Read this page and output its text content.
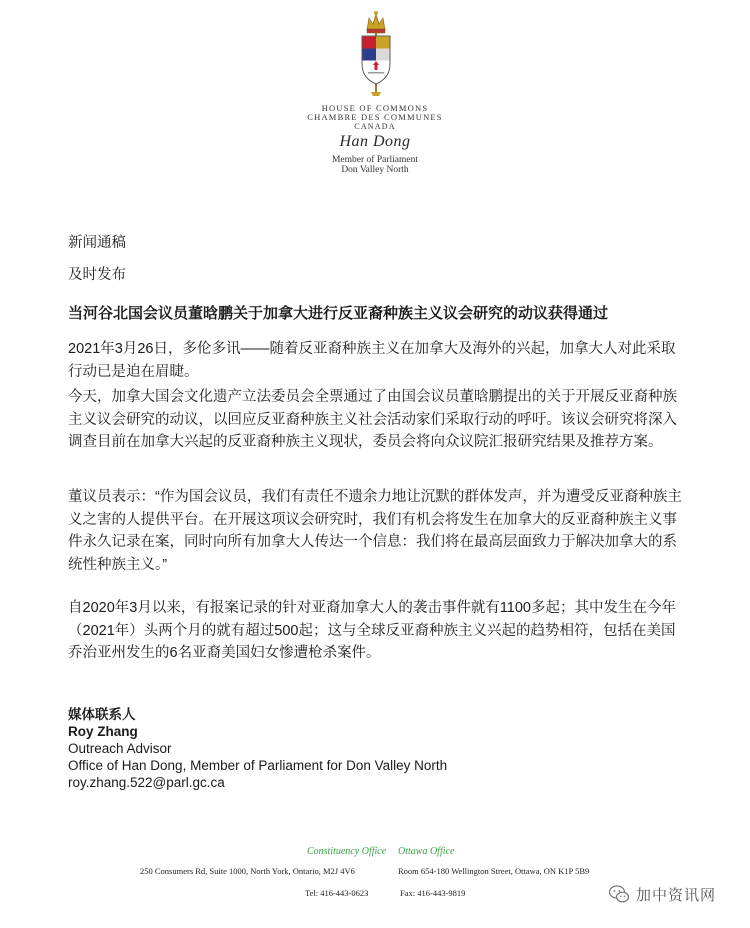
HOUSE OF COMMONS
CHAMBRE DES COMMUNES
CANADA
Han Dong
Member of Parliament
Don Valley North
新闻通稿
及时发布
当河谷北国会议员董晗鹏关于加拿大进行反亚裔种族主义议会研究的动议获得通过
2021年3月26日，多伦多讯——随着反亚裔种族主义在加拿大及海外的兴起，加拿大人对此采取行动已是迫在眉睫。
今天，加拿大国会文化遗产立法委员会全票通过了由国会议员董晗鹏提出的关于开展反亚裔种族主义议会研究的动议，以回应反亚裔种族主义社会活动家们采取行动的呼吁。该议会研究将深入调查目前在加拿大兴起的反亚裔种族主义现状，委员会将向众议院汇报研究结果及推荐方案。
董议员表示：“作为国会议员，我们有责任不遗余力地让沉默的群体发声，并为遭受反亚裔种族主义之害的人提供平台。在开展这项议会研究时，我们有机会将发生在加拿大的反亚裔种族主义事件永久记录在案，同时向所有加拿大人传达一个信息：我们将在最高层面致力于解决加拿大的系统性种族主义。”
自2020年3月以来，有报案记录的针对亚裔加拿大人的袭击事件就有1100多起；其中发生在今年（2021年）头两个月的就有超过500起；这与全球反亚裔种族主义兴起的趋势相符，包括在美国乔治亚州发生的6名亚裔美国妇女惨遭枪杀案件。
媒体联系人
Roy Zhang
Outreach Advisor
Office of Han Dong, Member of Parliament for Don Valley North
roy.zhang.522@parl.gc.ca
Constituency Office Ottawa Office
250 Consumers Rd, Suite 1000, North York, Ontario, M2J 4V6	Room 654-180 Wellington Street, Ottawa, ON K1P 5B9
Tel: 416-443-0623	Fax: 416-443-9819	加中资讯网
